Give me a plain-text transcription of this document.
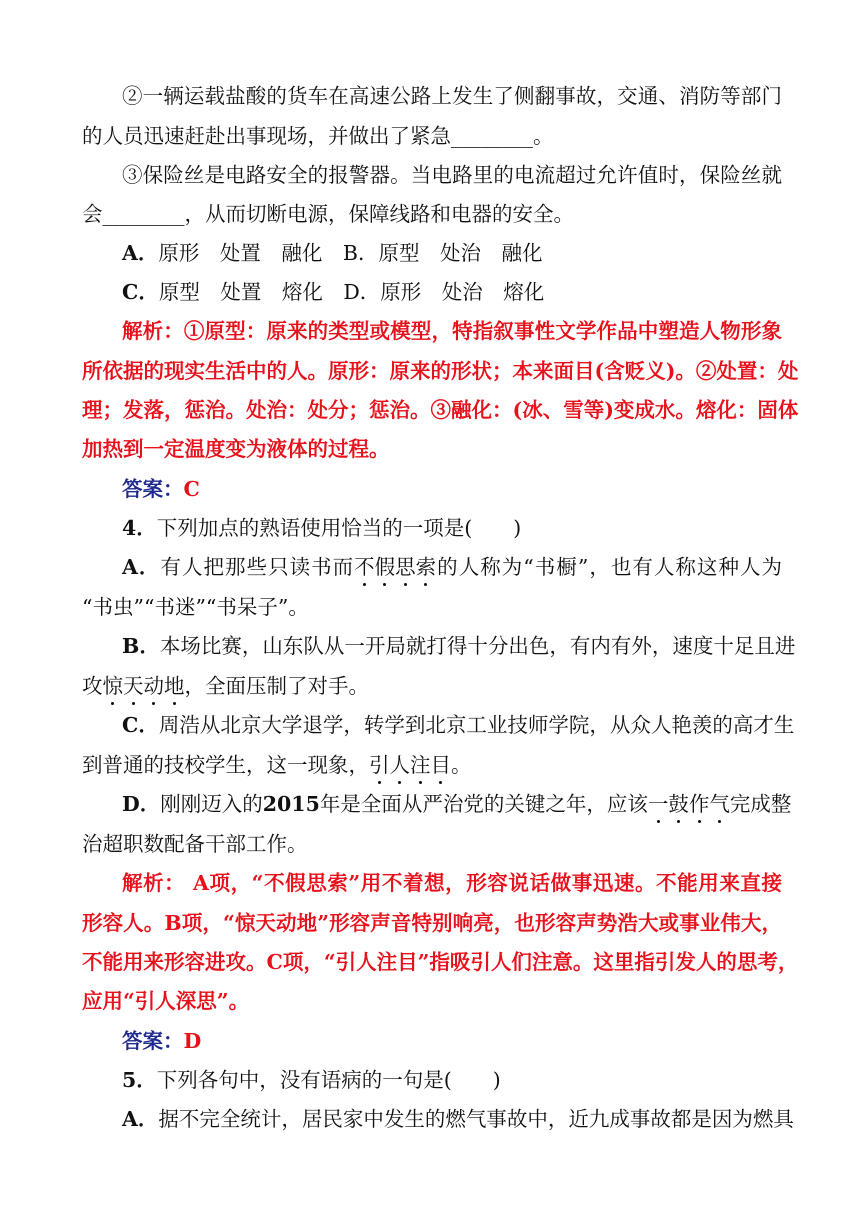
②一辆运载盐酸的货车在高速公路上发生了侧翻事故，交通、消防等部门
的人员迅速赶赴出事现场，并做出了紧急________。
③保险丝是电路安全的报警器。当电路里的电流超过允许值时，保险丝就
会________，从而切断电源，保障线路和电器的安全。
A．原形　处置　融化　B．原型　处治　融化
C．原型　处置　熔化　D．原形　处治　熔化
解析：①原型：原来的类型或模型，特指叙事性文学作品中塑造人物形象
所依据的现实生活中的人。原形：原来的形状；本来面目(含贬义)。②处置：处
理；发落，惩治。处治：处分；惩治。③融化：(冰、雪等)变成水。熔化：固体
加热到一定温度变为液体的过程。
答案：C
4．下列加点的熟语使用恰当的一项是(　　)
A．有人把那些只读书而不假思索的人称为“书橱”，也有人称这种人为
“书虫”“书迷”“书呆子”。
B．本场比赛，山东队从一开局就打得十分出色，有内有外，速度十足且进
攻惊天动地，全面压制了对手。
C．周浩从北京大学退学，转学到北京工业技师学院，从众人艳羡的高才生
到普通的技校学生，这一现象，引人注目。
D．刚刚迈入的2015年是全面从严治党的关键之年，应该一鼓作气完成整
治超职数配备干部工作。
解析： A项，“不假思索”用不着想，形容说话做事迅速。不能用来直接
形容人。B项，“惊天动地”形容声音特别响亮，也形容声势浩大或事业伟大，
不能用来形容进攻。C项，“引人注目”指吸引人们注意。这里指引发人的思考，
应用“引人深思”。
答案：D
5．下列各句中，没有语病的一句是(　　)
A．据不完全统计，居民家中发生的燃气事故中，近九成事故都是因为燃具
